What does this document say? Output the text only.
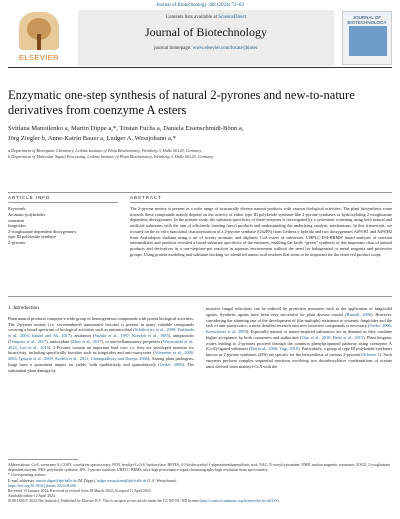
Journal of Biotechnology 388 (2024) 72–82
ELSEVIER
Contents lists available at ScienceDirect
Journal of Biotechnology
journal homepage: www.elsevier.com/locate/jbiotec
JOURNAL OF BIOTECHNOLOGY
Enzymatic one-step synthesis of natural 2-pyrones and new-to-nature derivatives from coenzyme A esters
Svitlana Manoilenko a, Martin Dippe a,*, Tristan Fuchs a, Daniela Eisenschmidt-Bönn a,
Jörg Ziegler b, Anne-Katrin Bauer a, Ludger A. Wessjohann a,*
a Department of Bioorganic Chemistry, Leibniz Institute of Plant Biochemistry, Weinberg 3, Halle 06120, Germany
b Department of Molecular Signal Processing, Leibniz Institute of Plant Biochemistry, Weinberg 3, Halle 06120, Germany
ARTICLE INFO	ABSTRACT
Keywords:
Aromatic polyketides
coumarin
fungicides
2-oxoglutarate dependent dioxygenases
type III polyketide synthase
2-pyrones
The 2-pyrone moiety is present in a wide range of structurally diverse natural products with various biological activities. The plant biosynthetic route towards these compounds mainly depend on the activity of either type III polyketide synthase-like 2-pyrone synthases or hydroxylating 2-oxoglutarate dependent dioxygenases. In the present study, the substrate specificity of these enzymes is investigated by a systematic screening using both natural and artificial substrates with the aim of efficiently forming (new) products and understanding the underlying catalytic mechanisms. In this framework, we focused on the in vitro functional characterization of a 2-pyrone synthase (Gh2PS) from Gerbera x hybrida and two dioxygenases AtF6′H1 and AtF6′H2 from Arabidopsis thaliana using a set of twenty aromatic and aliphatic CoA esters as substrates. UHPLC-ESI-HRMSⁿ based analyses of reaction intermediates and products revealed a broad substrate specificity of the enzymes, enabling the facile “green” synthesis of this important class of natural products and derivatives in a one-step/one-pot reaction in aqueous environment without the need for halogenated or metal reagents and protective groups. Using protein modeling and substrate docking we identified amino acid residues that seem to be important for the observed product scope.
1. Introduction
Plant natural products comprise a wide group of heterogeneous compounds with potent biological activities. The 2-pyrone moiety (i.e. six-membered unsaturated lactone) is present in many valuable compounds covering a broad spectrum of biological activities such as antimicrobial (Schuhovics et al., 2009; Parilando et al., 2004; Ismael and Ali, 2017), antitumor (Suzuki et al., 1997; Kondoh et al., 1985), antiparasitic (Tempone et al., 2017), antioxidant (Zhao et al., 2017), or anti-inflammatory properties (Wroszonski et al., 2014; Luo et al., 2015). 2-Pyrones contain an important lead core, i.e. they are privileged moieties for bioactivity, including specifically biocides such as fungicides and anti-oomycetes (Altemeier et al., 2000, 2004; Ignacio et al., 2009; Kodela et al., 2011; Chattapadhyay and Dureja, 2006). Among plant pathogens, fungi have a prominent impact on yields, both qualitatively and quantitatively (Oerke, 2006). The substantial plant damage by
invasive fungal infections can be reduced by protective measures such as the application of fungicidal agents. Synthetic agents have been very successful for plant disease control (Russell, 2006). However, considering the alarming rate of the development of (the multiple) resistance to systemic fungicides and the lack of anti-oomycotics, a more detailed research into new bioactive compounds is necessary (Oerke, 2006; Kretschmer et al. 2009). Especially natural or nature-inspired substances are in demand as they combine higher acceptance by both consumers and authorities (Otto et al., 2016; Bette et al., 2015). Plant biogenic routes leading to 2-pyrones proceed through the common phenylpropanoid pathway using coenzyme A (CoA)-ligated substrates (Dai et al., 2006; Vogt, 2010). Particularly, a group of type III polyketide synthases known as 2-pyrone synthases (2PS) are specific for the biosynthesis of various 2-pyrones (Scheme 1). Such enzymes perform complex sequential reactions involving two decarboxylative condensations of acetate units derived from malonyl-CoA with the
Abbreviations: CoA, coenzyme A; COSY, correlation spectroscopy; F6′H, feruloyl-CoA 6′-hydroxylase; HEPES, 4-2-hydroxyethyl-1-piperazineethanesulfonic acid; NAC, N-acetylcysteamine; NMR, nuclear magnetic resonance; 2OGD, 2-oxoglutarate dependent enzyme; PKS, polyketide synthase; 2PS, 2-pyrone synthase; UHPLC-HRMS, ultra-high performance liquid chromatography-high resolution mass spectrometry.
* Corresponding authors.
E-mail addresses: martin.dippe@ipb-halle.de (M. Dippe), ludger.wessjohann@ipb-halle.de (L.A. Wessjohann).
https://doi.org/10.1016/j.jbiotec.2024.04.006
Received 13 January 2024; Received in revised form 28 March 2024; Accepted 11 April 2024
Available online 12 April 2024
0168-1656/© 2024 The Author(s). Published by Elsevier B.V. This is an open access article under the CC BY-NC-ND license (http://creativecommons.org/licenses/by-nc-nd/4.0/).
